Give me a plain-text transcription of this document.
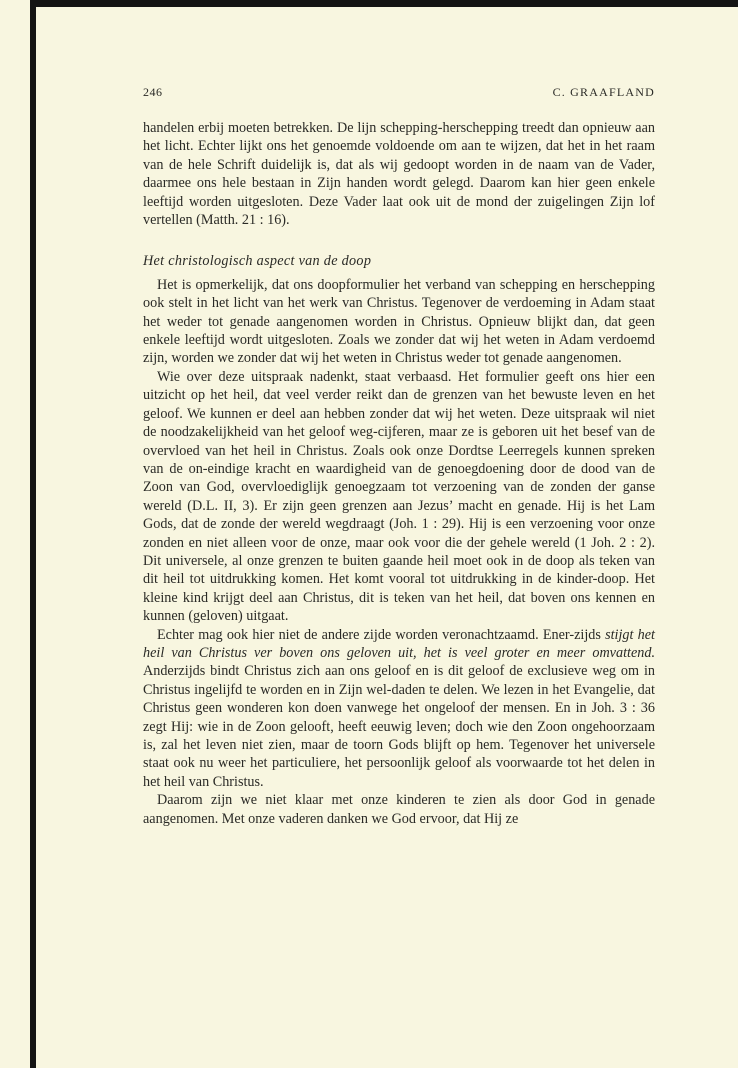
246	C. GRAAFLAND

handelen erbij moeten betrekken. De lijn schepping-herschepping treedt dan opnieuw aan het licht. Echter lijkt ons het genoemde voldoende om aan te wijzen, dat het in het raam van de hele Schrift duidelijk is, dat als wij gedoopt worden in de naam van de Vader, daarmee ons hele bestaan in Zijn handen wordt gelegd. Daarom kan hier geen enkele leeftijd worden uitgesloten. Deze Vader laat ook uit de mond der zuigelingen Zijn lof vertellen (Matth. 21 : 16).

Het christologisch aspect van de doop

Het is opmerkelijk, dat ons doopformulier het verband van schepping en herschepping ook stelt in het licht van het werk van Christus. Tegenover de verdoeming in Adam staat het weder tot genade aangenomen worden in Christus. Opnieuw blijkt dan, dat geen enkele leeftijd wordt uitgesloten. Zoals we zonder dat wij het weten in Adam verdoemd zijn, worden we zonder dat wij het weten in Christus weder tot genade aangenomen.

Wie over deze uitspraak nadenkt, staat verbaasd. Het formulier geeft ons hier een uitzicht op het heil, dat veel verder reikt dan de grenzen van het bewuste leven en het geloof. We kunnen er deel aan hebben zonder dat wij het weten. Deze uitspraak wil niet de noodzakelijkheid van het geloof weg-cijferen, maar ze is geboren uit het besef van de overvloed van het heil in Christus. Zoals ook onze Dordtse Leerregels kunnen spreken van de on-eindige kracht en waardigheid van de genoegdoening door de dood van de Zoon van God, overvloediglijk genoegzaam tot verzoening van de zonden der ganse wereld (D.L. II, 3). Er zijn geen grenzen aan Jezus’ macht en genade. Hij is het Lam Gods, dat de zonde der wereld wegdraagt (Joh. 1 : 29). Hij is een verzoening voor onze zonden en niet alleen voor de onze, maar ook voor die der gehele wereld (1 Joh. 2 : 2). Dit universele, al onze grenzen te buiten gaande heil moet ook in de doop als teken van dit heil tot uitdrukking komen. Het komt vooral tot uitdrukking in de kinder-doop. Het kleine kind krijgt deel aan Christus, dit is teken van het heil, dat boven ons kennen en kunnen (geloven) uitgaat.

Echter mag ook hier niet de andere zijde worden veronachtzaamd. Ener-zijds stijgt het heil van Christus ver boven ons geloven uit, het is veel groter en meer omvattend. Anderzijds bindt Christus zich aan ons geloof en is dit geloof de exclusieve weg om in Christus ingelijfd te worden en in Zijn wel-daden te delen. We lezen in het Evangelie, dat Christus geen wonderen kon doen vanwege het ongeloof der mensen. En in Joh. 3 : 36 zegt Hij: wie in de Zoon gelooft, heeft eeuwig leven; doch wie den Zoon ongehoorzaam is, zal het leven niet zien, maar de toorn Gods blijft op hem. Tegenover het universele staat ook nu weer het particuliere, het persoonlijk geloof als voorwaarde tot het delen in het heil van Christus.

Daarom zijn we niet klaar met onze kinderen te zien als door God in genade aangenomen. Met onze vaderen danken we God ervoor, dat Hij ze
